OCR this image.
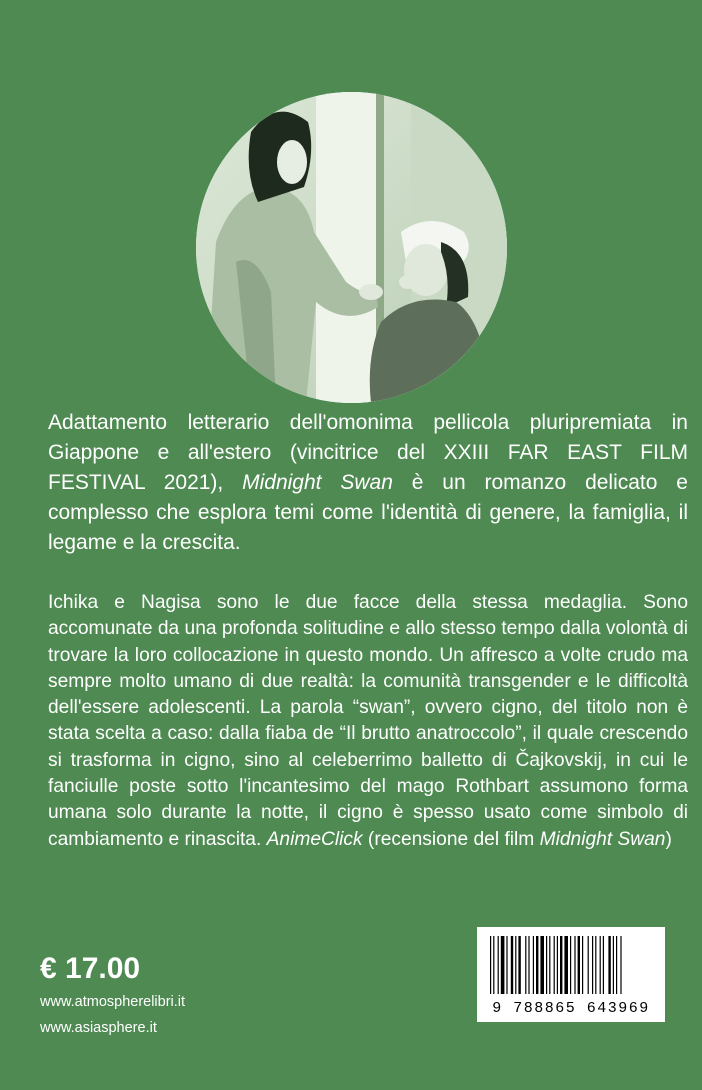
Adattamento letterario dell'omonima pellicola pluripremiata in Giappone e all'estero (vincitrice del XXIII FAR EAST FILM FESTIVAL 2021), Midnight Swan è un romanzo delicato e complesso che esplora temi come l'identità di genere, la famiglia, il legame e la crescita.

Ichika e Nagisa sono le due facce della stessa medaglia. Sono accomunate da una profonda solitudine e allo stesso tempo dalla volontà di trovare la loro collocazione in questo mondo. Un affresco a volte crudo ma sempre molto umano di due realtà: la comunità transgender e le difficoltà dell'essere adolescenti. La parola “swan”, ovvero cigno, del titolo non è stata scelta a caso: dalla fiaba de “Il brutto anatroccolo”, il quale crescendo si trasforma in cigno, sino al celeberrimo balletto di Čajkovskij, in cui le fanciulle poste sotto l'incantesimo del mago Rothbart assumono forma umana solo durante la notte, il cigno è spesso usato come simbolo di cambiamento e rinascita. AnimeClick (recensione del film Midnight Swan)

€ 17.00

www.atmospherelibri.it

www.asiasphere.it

9 788865 643969
